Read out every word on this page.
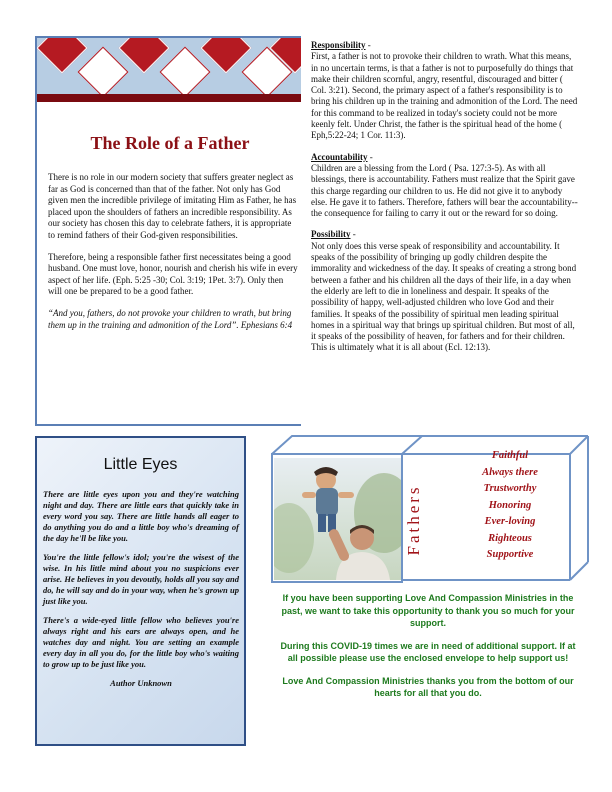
The Role of a Father

There is no role in our modern society that suffers greater neglect as far as God is concerned than that of the father. Not only has God given men the incredible privilege of imitating Him as Father, he has placed upon the shoulders of fathers an incredible responsibility. As our society has chosen this day to celebrate fathers, it is appropriate to remind fathers of their God-given responsibilities.

Therefore, being a responsible father first necessitates being a good husband. One must love, honor, nourish and cherish his wife in every aspect of her life. (Eph. 5:25 -30; Col. 3:19; 1Pet. 3:7). Only then will one be prepared to be a good father.

“And you, fathers, do not provoke your children to wrath, but bring them up in the training and admonition of the Lord”. Ephesians 6:4

Responsibility -

First, a father is not to provoke their children to wrath. What this means, in no uncertain terms, is that a father is not to purposefully do things that make their children scornful, angry, resentful, discouraged and bitter ( Col. 3:21). Second, the primary aspect of a father's responsibility is to bring his children up in the training and admonition of the Lord. The need for this command to be realized in today's society could not be more keenly felt. Under Christ, the father is the spiritual head of the home ( Eph,5:22-24; 1 Cor. 11:3).

Accountability -

Children are a blessing from the Lord ( Psa. 127:3-5). As with all blessings, there is accountability. Fathers must realize that the Spirit gave this charge regarding our children to us. He did not give it to anybody else. He gave it to fathers. Therefore, fathers will bear the accountability-- the consequence for failing to carry it out or the reward for so doing.

Possibility -

Not only does this verse speak of responsibility and accountability. It speaks of the possibility of bringing up godly children despite the immorality and wickedness of the day. It speaks of creating a strong bond between a father and his children all the days of their life, in a day when the elderly are left to die in loneliness and despair. It speaks of the possibility of happy, well-adjusted children who love God and their families. It speaks of the possibility of spiritual men leading spiritual homes in a spiritual way that brings up spiritual children. But most of all, it speaks of the possibility of heaven, for fathers and for their children. This is ultimately what it is all about (Ecl. 12:13).

Little Eyes

There are little eyes upon you and they're watching night and day. There are little ears that quickly take in every word you say. There are little hands all eager to do anything you do and a little boy who's dreaming of the day he'll be like you.

You're the little fellow's idol; you're the wisest of the wise. In his little mind about you no suspicions ever arise. He believes in you devoutly, holds all you say and do, he will say and do in your way, when he's grown up just like you.

There's a wide-eyed little fellow who believes you're always right and his ears are always open, and he watches day and night. You are setting an example every day in all you do, for the little boy who's waiting to grow up to be just like you.

Author Unknown
Fathers
Faithful
Always there
Trustworthy
Honoring
Ever-loving
Righteous
Supportive

If you have been supporting Love And Compassion Ministries in the past, we want to take this opportunity to thank you so much for your support.

During this COVID-19 times we are in need of additional support. If at all possible please use the enclosed envelope to help support us!

Love And Compassion Ministries thanks you from the bottom of our hearts for all that you do.
